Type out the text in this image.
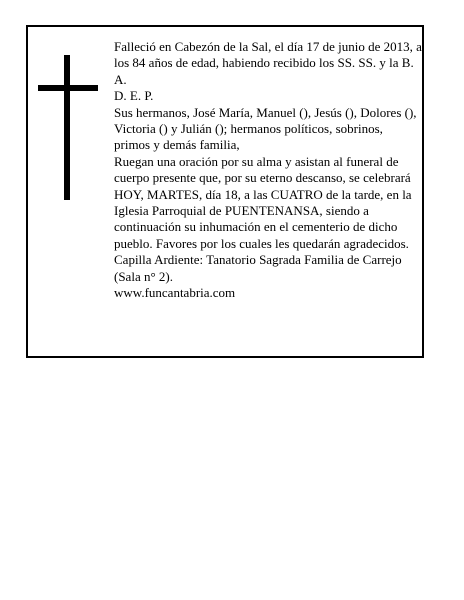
Falleció en Cabezón de la Sal, el día 17 de junio de 2013, a los 84 años de edad, habiendo recibido los SS. SS. y la B. A.

D. E. P.

Sus hermanos, José María, Manuel (), Jesús (), Dolores (), Victoria () y Julián (); hermanos políticos, sobrinos, primos y demás familia,

Ruegan una oración por su alma y asistan al funeral de cuerpo presente que, por su eterno descanso, se celebrará HOY, MARTES, día 18, a las CUATRO de la tarde, en la Iglesia Parroquial de PUENTENANSA, siendo a continuación su inhumación en el cementerio de dicho pueblo. Favores por los cuales les quedarán agradecidos. Capilla Ardiente: Tanatorio Sagrada Familia de Carrejo (Sala n° 2).

www.funcantabria.com
